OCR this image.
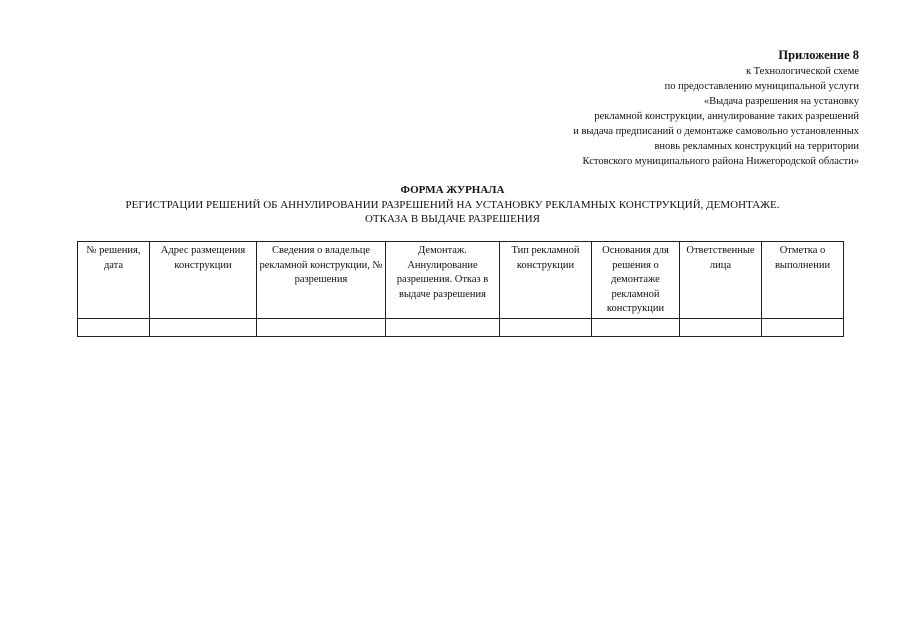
Приложение 8
к Технологической схеме
по предоставлению муниципальной услуги
«Выдача разрешения на установку
рекламной конструкции, аннулирование таких разрешений
и выдача предписаний о демонтаже самовольно установленных
вновь рекламных конструкций на территории
Кстовского муниципального района Нижегородской области»
ФОРМА ЖУРНАЛА
РЕГИСТРАЦИИ РЕШЕНИЙ ОБ АННУЛИРОВАНИИ РАЗРЕШЕНИЙ НА УСТАНОВКУ РЕКЛАМНЫХ КОНСТРУКЦИЙ, ДЕМОНТАЖЕ.
ОТКАЗА В ВЫДАЧЕ РАЗРЕШЕНИЯ
№ решения, дата	Адрес размещения конструкции	Сведения о владельце рекламной конструкции, № разрешения	Демонтаж. Аннулирование разрешения. Отказ в выдаче разрешения	Тип рекламной конструкции	Основания для решения о демонтаже рекламной конструкции	Ответственные лица	Отметка о выполнении
